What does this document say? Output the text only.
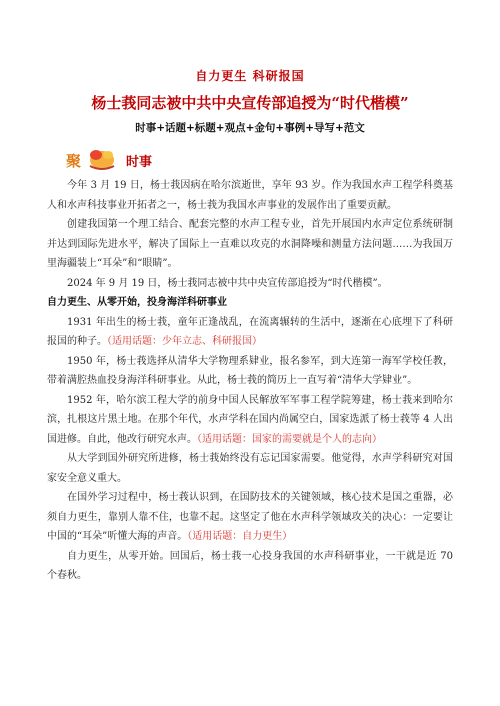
自力更生 科研报国
杨士莪同志被中共中央宣传部追授为“时代楷模”
时事+话题+标题+观点+金句+事例+导写+范文
聚	时事

今年 3 月 19 日，杨士莪因病在哈尔滨逝世，享年 93 岁。作为我国水声工程学科奠基人和水声科技事业开拓者之一，杨士莪为我国水声事业的发展作出了重要贡献。

创建我国第一个理工结合、配套完整的水声工程专业，首先开展国内水声定位系统研制并达到国际先进水平，解决了国际上一直难以攻克的水洞降噪和测量方法问题……为我国万里海疆装上“耳朵”和“眼睛”。

2024 年 9 月 19 日，杨士莪同志被中共中央宣传部追授为“时代楷模”。

自力更生、从零开始，投身海洋科研事业

1931 年出生的杨士莪，童年正逢战乱，在流离辗转的生活中，逐渐在心底埋下了科研报国的种子。（适用话题：少年立志、科研报国）

1950 年，杨士莪选择从清华大学物理系肄业，报名参军，到大连第一海军学校任教，带着满腔热血投身海洋科研事业。从此，杨士莪的简历上一直写着“清华大学肄业”。

1952 年，哈尔滨工程大学的前身中国人民解放军军事工程学院筹建，杨士莪来到哈尔滨，扎根这片黑土地。在那个年代，水声学科在国内尚属空白，国家选派了杨士莪等 4 人出国进修。自此，他改行研究水声。（适用话题：国家的需要就是个人的志向）

从大学到国外研究所进修，杨士莪始终没有忘记国家需要。他觉得，水声学科研究对国家安全意义重大。

在国外学习过程中，杨士莪认识到，在国防技术的关键领域，核心技术是国之重器，必须自力更生，靠别人靠不住，也靠不起。这坚定了他在水声科学领域攻关的决心：一定要让中国的“耳朵”听懂大海的声音。（适用话题：自力更生）

自力更生，从零开始。回国后，杨士莪一心投身我国的水声科研事业，一干就是近 70 个春秋。
